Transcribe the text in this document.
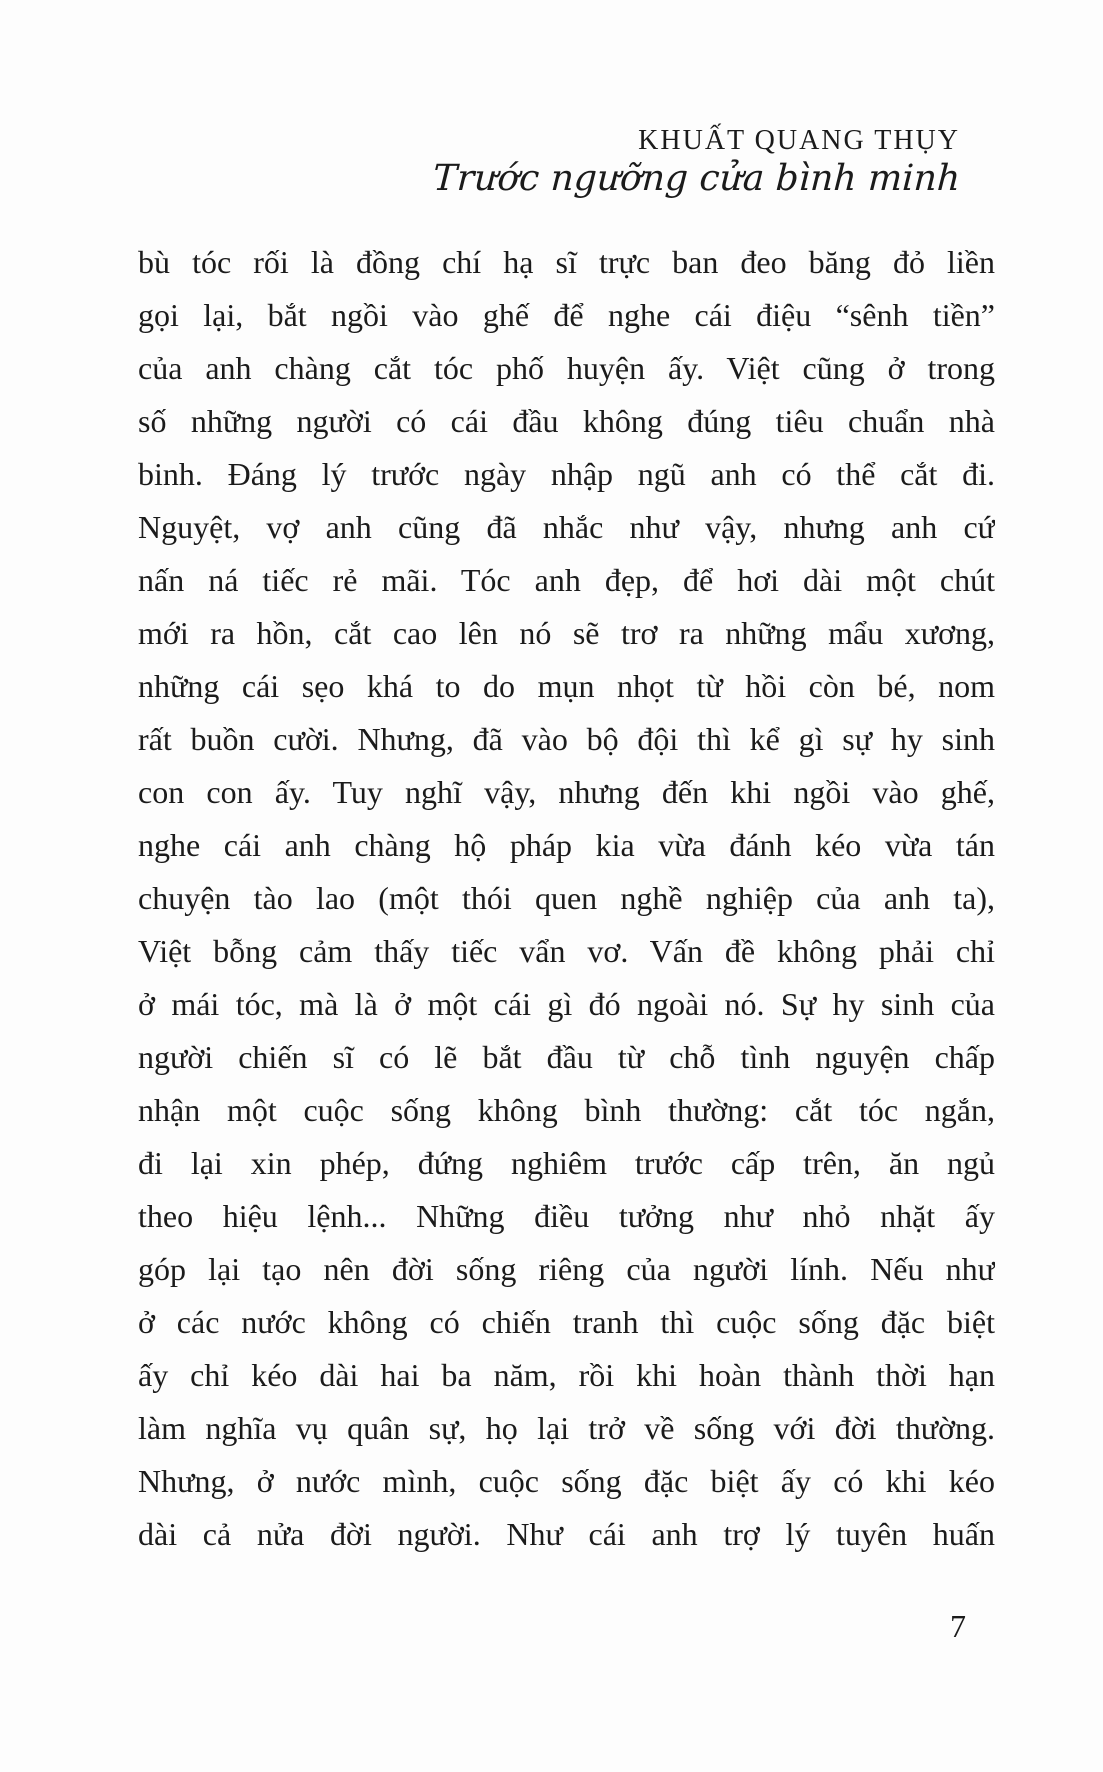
KHUẤT QUANG THỤY
Trước ngưỡng cửa bình minh
bù tóc rối là đồng chí hạ sĩ trực ban đeo băng đỏ liền
gọi lại, bắt ngồi vào ghế để nghe cái điệu “sênh tiền”
của anh chàng cắt tóc phố huyện ấy. Việt cũng ở trong
số những người có cái đầu không đúng tiêu chuẩn nhà
binh. Đáng lý trước ngày nhập ngũ anh có thể cắt đi.
Nguyệt, vợ anh cũng đã nhắc như vậy, nhưng anh cứ
nấn ná tiếc rẻ mãi. Tóc anh đẹp, để hơi dài một chút
mới ra hồn, cắt cao lên nó sẽ trơ ra những mẩu xương,
những cái sẹo khá to do mụn nhọt từ hồi còn bé, nom
rất buồn cười. Nhưng, đã vào bộ đội thì kể gì sự hy sinh
con con ấy. Tuy nghĩ vậy, nhưng đến khi ngồi vào ghế,
nghe cái anh chàng hộ pháp kia vừa đánh kéo vừa tán
chuyện tào lao (một thói quen nghề nghiệp của anh ta),
Việt bỗng cảm thấy tiếc vẩn vơ. Vấn đề không phải chỉ
ở mái tóc, mà là ở một cái gì đó ngoài nó. Sự hy sinh của
người chiến sĩ có lẽ bắt đầu từ chỗ tình nguyện chấp
nhận một cuộc sống không bình thường: cắt tóc ngắn,
đi lại xin phép, đứng nghiêm trước cấp trên, ăn ngủ
theo hiệu lệnh... Những điều tưởng như nhỏ nhặt ấy
góp lại tạo nên đời sống riêng của người lính. Nếu như
ở các nước không có chiến tranh thì cuộc sống đặc biệt
ấy chỉ kéo dài hai ba năm, rồi khi hoàn thành thời hạn
làm nghĩa vụ quân sự, họ lại trở về sống với đời thường.
Nhưng, ở nước mình, cuộc sống đặc biệt ấy có khi kéo
dài cả nửa đời người. Như cái anh trợ lý tuyên huấn
7
